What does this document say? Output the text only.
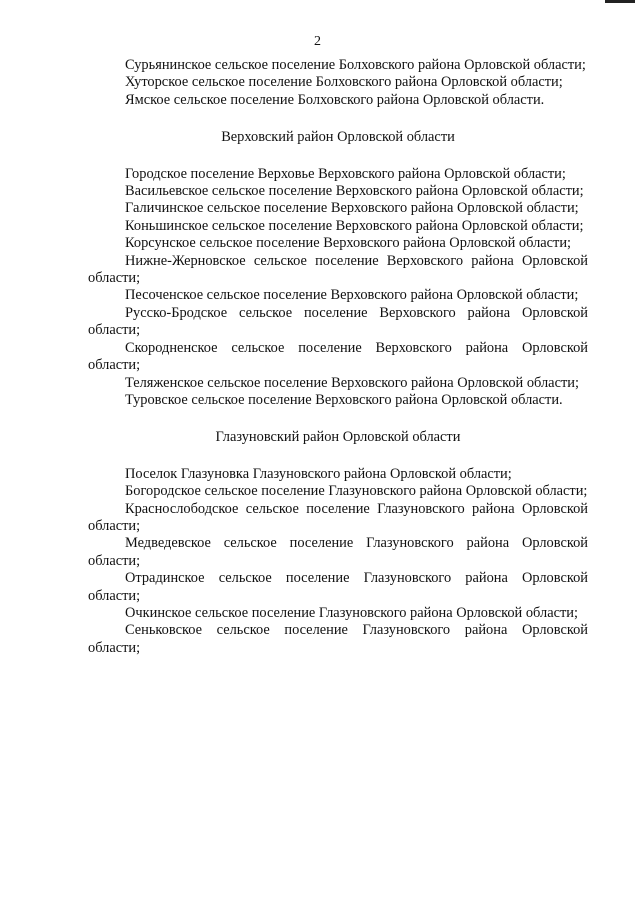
2

Сурьянинское сельское поселение Болховского района Орловской области;

Хуторское сельское поселение Болховского района Орловской области;

Ямское сельское поселение Болховского района Орловской области.

Верховский район Орловской области

Городское поселение Верховье Верховского района Орловской области;

Васильевское сельское поселение Верховского района Орловской области;

Галичинское сельское поселение Верховского района Орловской области;

Коньшинское сельское поселение Верховского района Орловской области;

Корсунское сельское поселение Верховского района Орловской области;

Нижне-Жерновское сельское поселение Верховского района Орловской области;

Песоченское сельское поселение Верховского района Орловской области;

Русско-Бродское сельское поселение Верховского района Орловской области;

Скородненское сельское поселение Верховского района Орловской области;

Теляженское сельское поселение Верховского района Орловской области;

Туровское сельское поселение Верховского района Орловской области.

Глазуновский район Орловской области

Поселок Глазуновка Глазуновского района Орловской области;

Богородское сельское поселение Глазуновского района Орловской области;

Краснослободское сельское поселение Глазуновского района Орловской области;

Медведевское сельское поселение Глазуновского района Орловской области;

Отрадинское сельское поселение Глазуновского района Орловской области;

Очкинское сельское поселение Глазуновского района Орловской области;

Сеньковское сельское поселение Глазуновского района Орловской области;
